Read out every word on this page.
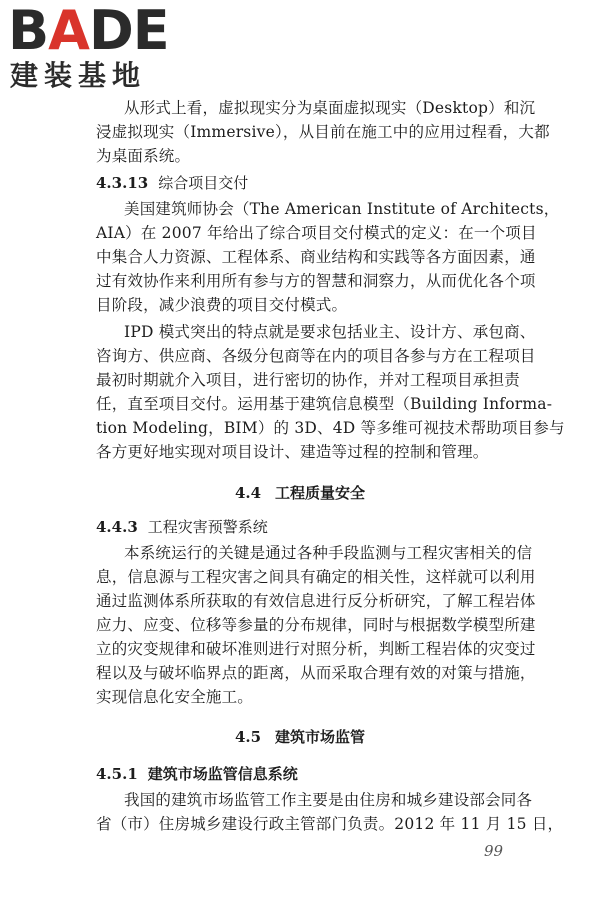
BADE
建装基地
从形式上看，虚拟现实分为桌面虚拟现实（Desktop）和沉
浸虚拟现实（Immersive），从目前在施工中的应用过程看，大都
为桌面系统。
4.3.13 综合项目交付
美国建筑师协会（The American Institute of Architects，
AIA）在 2007 年给出了综合项目交付模式的定义：在一个项目
中集合人力资源、工程体系、商业结构和实践等各方面因素，通
过有效协作来利用所有参与方的智慧和洞察力，从而优化各个项
目阶段，减少浪费的项目交付模式。
IPD 模式突出的特点就是要求包括业主、设计方、承包商、
咨询方、供应商、各级分包商等在内的项目各参与方在工程项目
最初时期就介入项目，进行密切的协作，并对工程项目承担责
任，直至项目交付。运用基于建筑信息模型（Building Informa-
tion Modeling，BIM）的 3D、4D 等多维可视技术帮助项目参与
各方更好地实现对项目设计、建造等过程的控制和管理。
4.4 工程质量安全
4.4.3 工程灾害预警系统
本系统运行的关键是通过各种手段监测与工程灾害相关的信
息，信息源与工程灾害之间具有确定的相关性，这样就可以利用
通过监测体系所获取的有效信息进行反分析研究，了解工程岩体
应力、应变、位移等参量的分布规律，同时与根据数学模型所建
立的灾变规律和破坏准则进行对照分析，判断工程岩体的灾变过
程以及与破坏临界点的距离，从而采取合理有效的对策与措施，
实现信息化安全施工。
4.5 建筑市场监管
4.5.1 建筑市场监管信息系统
我国的建筑市场监管工作主要是由住房和城乡建设部会同各
省（市）住房城乡建设行政主管部门负责。2012 年 11 月 15 日，
99
